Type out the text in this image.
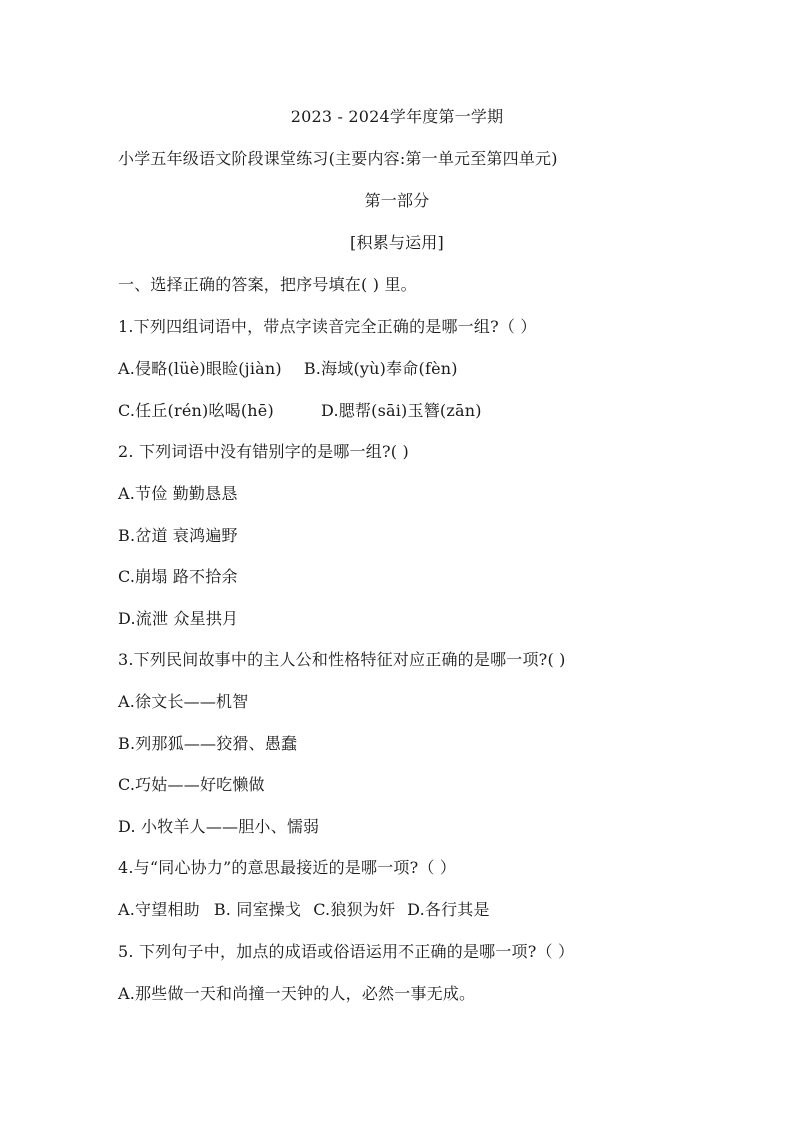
2023 - 2024学年度第一学期
小学五年级语文阶段课堂练习(主要内容:第一单元至第四单元)
第一部分
[积累与运用]
一、选择正确的答案，把序号填在( ) 里。
1.下列四组词语中，带点字读音完全正确的是哪一组?（ ）
A.侵略(lüè)眼睑(jiàn) B.海域(yù)奉命(fèn)
C.任丘(rén)吆喝(hē)	D.腮帮(sāi)玉簪(zān)
2. 下列词语中没有错别字的是哪一组?( )
A.节俭 勤勤恳恳
B.岔道 衰鸿遍野
C.崩塌 路不拾余
D.流泄 众星拱月
3.下列民间故事中的主人公和性格特征对应正确的是哪一项?( )
A.徐文长——机智
B.列那狐——狡猾、愚蠢
C.巧姑——好吃懒做
D. 小牧羊人——胆小、懦弱
4.与“同心协力”的意思最接近的是哪一项?（ ）
A.守望相助 B. 同室操戈 C.狼狈为奸 D.各行其是
5. 下列句子中，加点的成语或俗语运用不正确的是哪一项?（ ）
A.那些做一天和尚撞一天钟的人，必然一事无成。
